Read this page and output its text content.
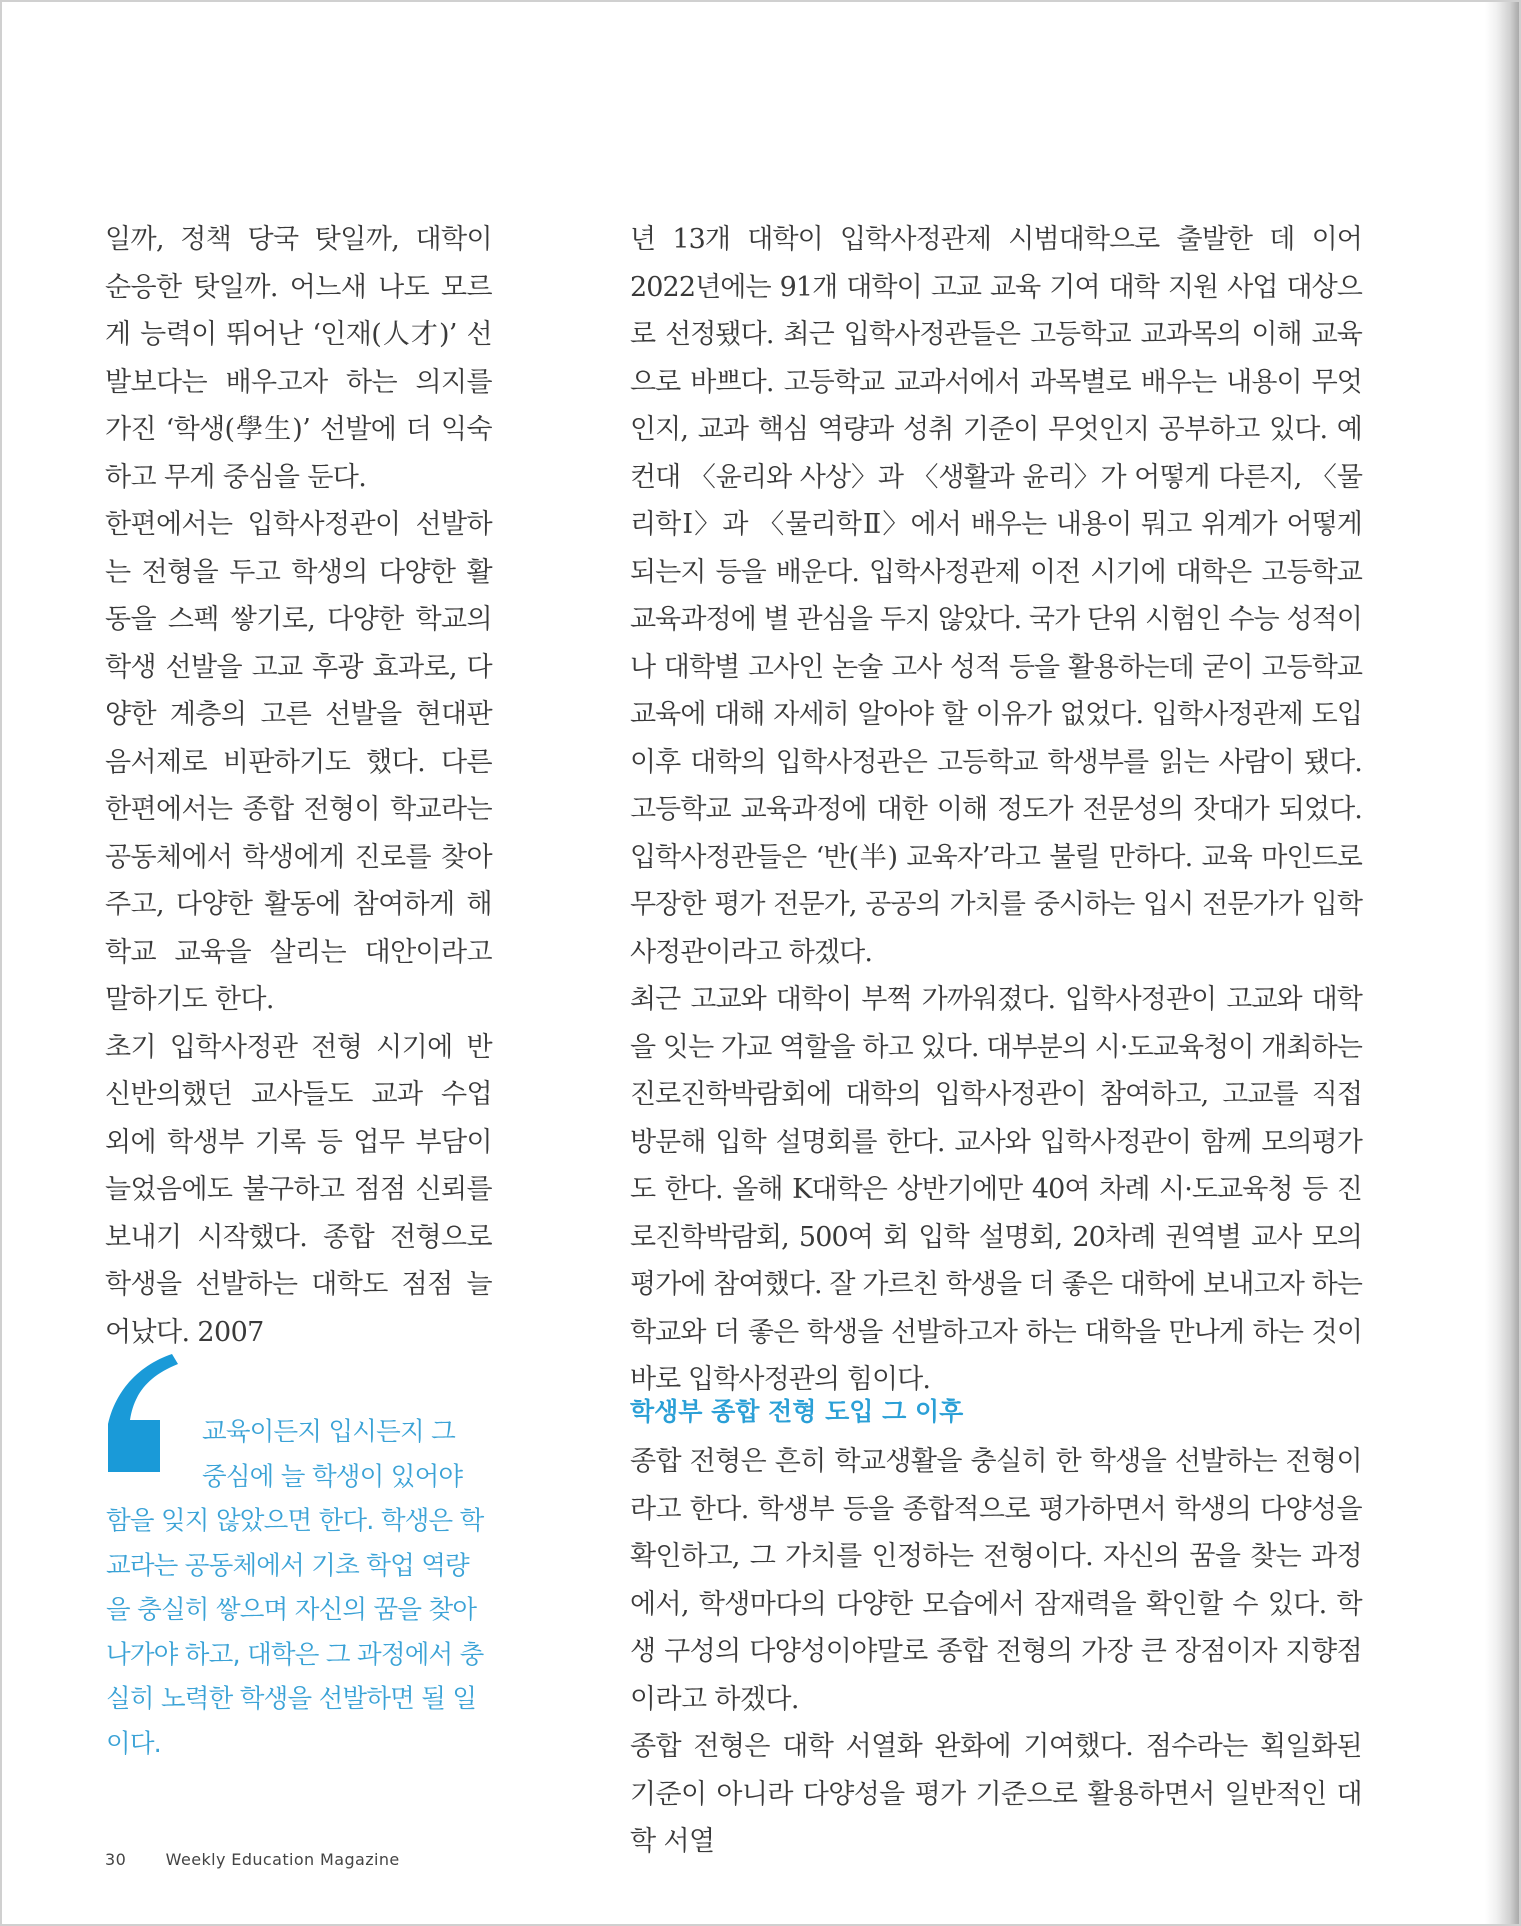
일까, 정책 당국 탓일까, 대학이 순응한 탓일까. 어느새 나도 모르게 능력이 뛰어난 ‘인재(人才)’ 선발보다는 배우고자 하는 의지를 가진 ‘학생(學生)’ 선발에 더 익숙하고 무게 중심을 둔다.

한편에서는 입학사정관이 선발하는 전형을 두고 학생의 다양한 활동을 스펙 쌓기로, 다양한 학교의 학생 선발을 고교 후광 효과로, 다양한 계층의 고른 선발을 현대판 음서제로 비판하기도 했다. 다른 한편에서는 종합 전형이 학교라는 공동체에서 학생에게 진로를 찾아주고, 다양한 활동에 참여하게 해 학교 교육을 살리는 대안이라고 말하기도 한다.

초기 입학사정관 전형 시기에 반신반의했던 교사들도 교과 수업 외에 학생부 기록 등 업무 부담이 늘었음에도 불구하고 점점 신뢰를 보내기 시작했다. 종합 전형으로 학생을 선발하는 대학도 점점 늘어났다. 2007

년 13개 대학이 입학사정관제 시범대학으로 출발한 데 이어 2022년에는 91개 대학이 고교 교육 기여 대학 지원 사업 대상으로 선정됐다. 최근 입학사정관들은 고등학교 교과목의 이해 교육으로 바쁘다. 고등학교 교과서에서 과목별로 배우는 내용이 무엇인지, 교과 핵심 역량과 성취 기준이 무엇인지 공부하고 있다. 예컨대 〈윤리와 사상〉과 〈생활과 윤리〉가 어떻게 다른지, 〈물리학Ⅰ〉과 〈물리학Ⅱ〉에서 배우는 내용이 뭐고 위계가 어떻게 되는지 등을 배운다. 입학사정관제 이전 시기에 대학은 고등학교 교육과정에 별 관심을 두지 않았다. 국가 단위 시험인 수능 성적이나 대학별 고사인 논술 고사 성적 등을 활용하는데 굳이 고등학교 교육에 대해 자세히 알아야 할 이유가 없었다. 입학사정관제 도입 이후 대학의 입학사정관은 고등학교 학생부를 읽는 사람이 됐다. 고등학교 교육과정에 대한 이해 정도가 전문성의 잣대가 되었다. 입학사정관들은 ‘반(半) 교육자’라고 불릴 만하다. 교육 마인드로 무장한 평가 전문가, 공공의 가치를 중시하는 입시 전문가가 입학사정관이라고 하겠다.

최근 고교와 대학이 부쩍 가까워졌다. 입학사정관이 고교와 대학을 잇는 가교 역할을 하고 있다. 대부분의 시·도교육청이 개최하는 진로진학박람회에 대학의 입학사정관이 참여하고, 고교를 직접 방문해 입학 설명회를 한다. 교사와 입학사정관이 함께 모의평가도 한다. 올해 K대학은 상반기에만 40여 차례 시·도교육청 등 진로진학박람회, 500여 회 입학 설명회, 20차례 권역별 교사 모의평가에 참여했다. 잘 가르친 학생을 더 좋은 대학에 보내고자 하는 학교와 더 좋은 학생을 선발하고자 하는 대학을 만나게 하는 것이 바로 입학사정관의 힘이다.

학생부 종합 전형 도입 그 이후

종합 전형은 흔히 학교생활을 충실히 한 학생을 선발하는 전형이라고 한다. 학생부 등을 종합적으로 평가하면서 학생의 다양성을 확인하고, 그 가치를 인정하는 전형이다. 자신의 꿈을 찾는 과정에서, 학생마다의 다양한 모습에서 잠재력을 확인할 수 있다. 학생 구성의 다양성이야말로 종합 전형의 가장 큰 장점이자 지향점이라고 하겠다.

종합 전형은 대학 서열화 완화에 기여했다. 점수라는 획일화된 기준이 아니라 다양성을 평가 기준으로 활용하면서 일반적인 대학 서열

교육이든지 입시든지 그
중심에 늘 학생이 있어야
함을 잊지 않았으면 한다. 학생은 학교라는 공동체에서 기초 학업 역량을 충실히 쌓으며 자신의 꿈을 찾아나가야 하고, 대학은 그 과정에서 충실히 노력한 학생을 선발하면 될 일이다.

30 Weekly Education Magazine
